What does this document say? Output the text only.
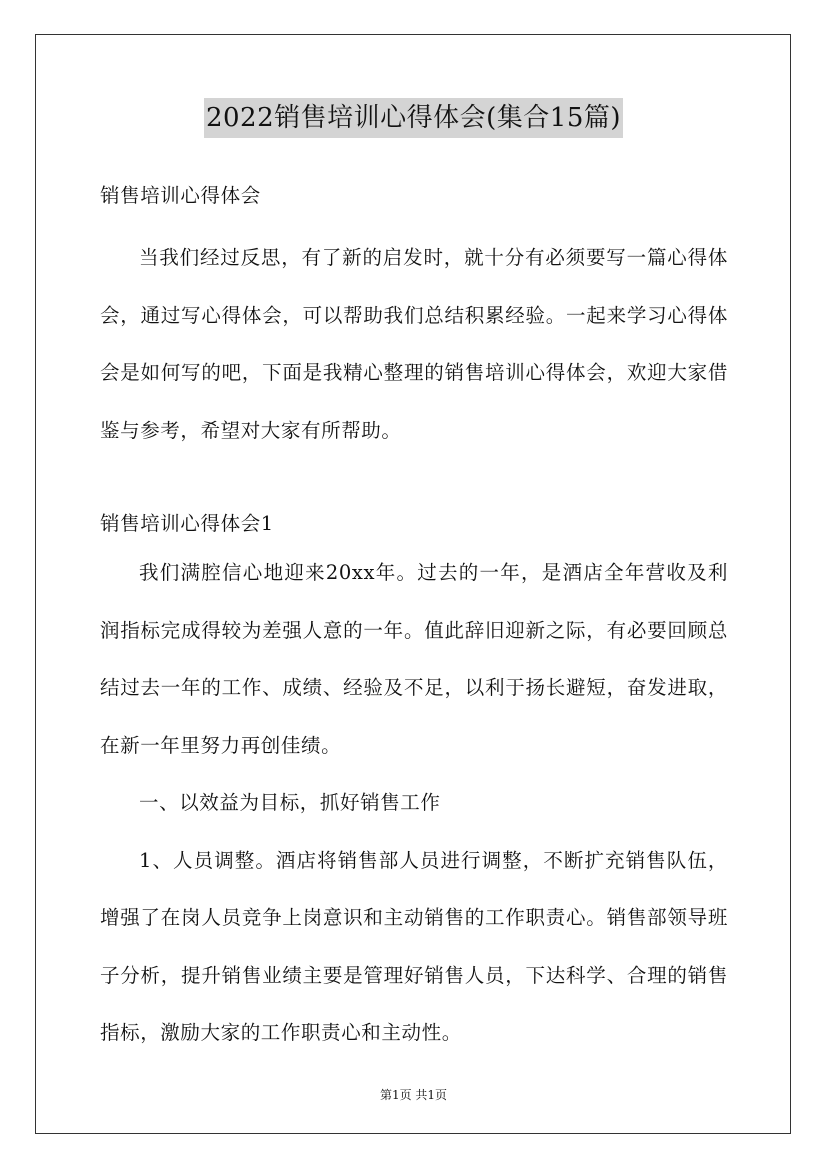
2022销售培训心得体会(集合15篇)
销售培训心得体会

当我们经过反思，有了新的启发时，就十分有必须要写一篇心得体会，通过写心得体会，可以帮助我们总结积累经验。一起来学习心得体会是如何写的吧，下面是我精心整理的销售培训心得体会，欢迎大家借鉴与参考，希望对大家有所帮助。

销售培训心得体会1

我们满腔信心地迎来20xx年。过去的一年，是酒店全年营收及利润指标完成得较为差强人意的一年。值此辞旧迎新之际，有必要回顾总结过去一年的工作、成绩、经验及不足，以利于扬长避短，奋发进取，在新一年里努力再创佳绩。

一、以效益为目标，抓好销售工作

1、人员调整。酒店将销售部人员进行调整，不断扩充销售队伍，增强了在岗人员竞争上岗意识和主动销售的工作职责心。销售部领导班子分析，提升销售业绩主要是管理好销售人员，下达科学、合理的销售指标，激励大家的工作职责心和主动性。

第1页 共1页
